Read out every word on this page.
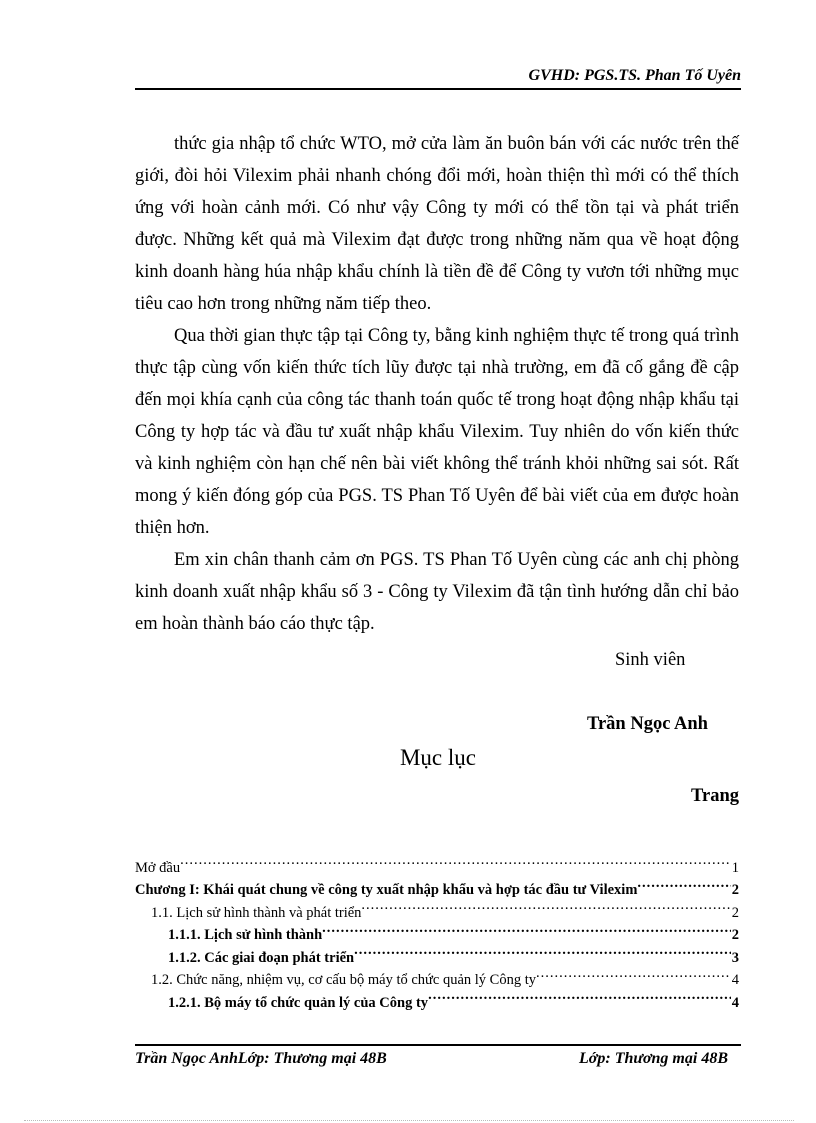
GVHD: PGS.TS. Phan Tố Uyên

thức gia nhập tổ chức WTO, mở cửa làm ăn buôn bán với các nước trên thế giới, đòi hỏi Vilexim phải nhanh chóng đổi mới, hoàn thiện thì mới có thể thích ứng với hoàn cảnh mới. Có như vậy Công ty mới có thể tồn tại và phát triển được. Những kết quả mà Vilexim đạt được trong những năm qua về hoạt động kinh doanh hàng húa nhập khẩu chính là tiền đề để Công ty vươn tới những mục tiêu cao hơn trong những năm tiếp theo.

Qua thời gian thực tập tại Công ty, bằng kinh nghiệm thực tế trong quá trình thực tập cùng vốn kiến thức tích lũy được tại nhà trường, em đã cố gắng đề cập đến mọi khía cạnh của công tác thanh toán quốc tế trong hoạt động nhập khẩu tại Công ty hợp tác và đầu tư xuất nhập khẩu Vilexim. Tuy nhiên do vốn kiến thức và kinh nghiệm còn hạn chế nên bài viết không thể tránh khỏi những sai sót. Rất mong ý kiến đóng góp của PGS. TS Phan Tố Uyên để bài viết của em được hoàn thiện hơn.

Em xin chân thanh cảm ơn PGS. TS Phan Tố Uyên cùng các anh chị phòng kinh doanh xuất nhập khẩu số 3 - Công ty Vilexim đã tận tình hướng dẫn chỉ bảo em hoàn thành báo cáo thực tập.

Sinh viên
Trần Ngọc Anh
Mục lục
Trang
Mở đầu .....	1
Chương I: Khái quát chung về công ty xuất nhập khẩu và hợp tác đầu tư Vilexim .....	2
1.1. Lịch sử hình thành và phát triển .....	2
1.1.1. Lịch sử hình thành .....	2
1.1.2. Các giai đoạn phát triển .....	3
1.2. Chức năng, nhiệm vụ, cơ cấu bộ máy tổ chức quản lý Công ty .....	4
1.2.1. Bộ máy tổ chức quản lý của Công ty .....	4
Trần Ngọc AnhLớp: Thương mại 48B	Lớp: Thương mại 48B
